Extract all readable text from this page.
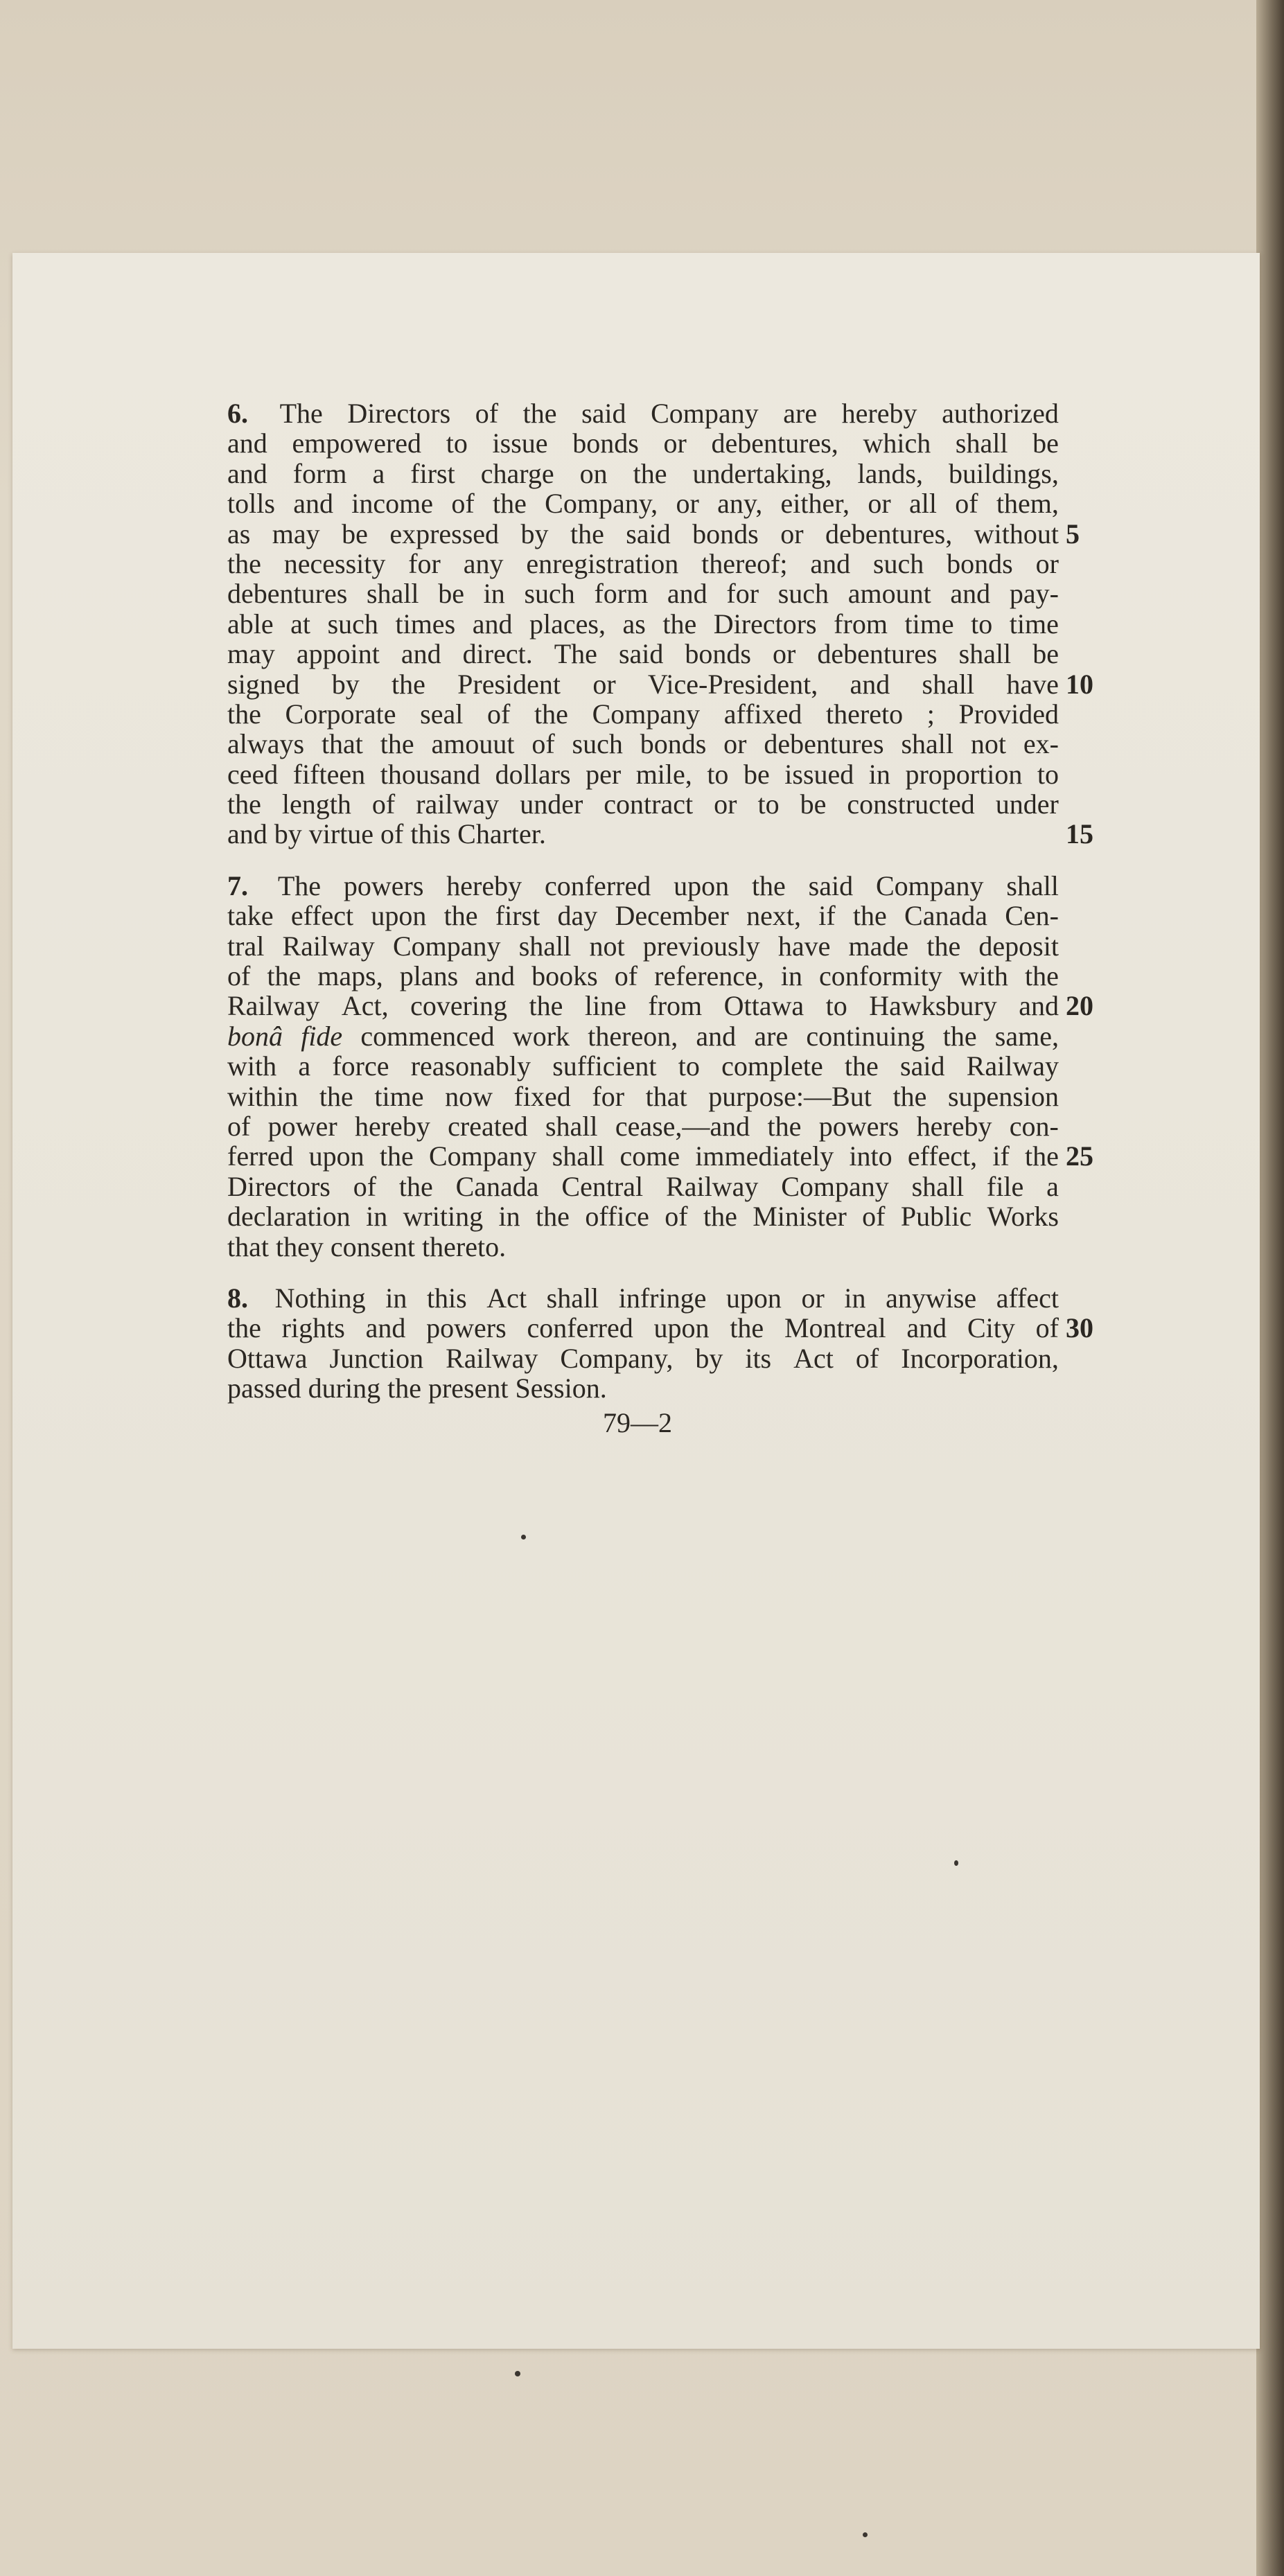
6. The Directors of the said Company are hereby authorized
and empowered to issue bonds or debentures, which shall be
and form a first charge on the undertaking, lands, buildings,
tolls and income of the Company, or any, either, or all of them,
as may be expressed by the said bonds or debentures, without 5
the necessity for any enregistration thereof; and such bonds or
debentures shall be in such form and for such amount and pay-
able at such times and places, as the Directors from time to time
may appoint and direct. The said bonds or debentures shall be
signed by the President or Vice-President, and shall have 10
the Corporate seal of the Company affixed thereto ; Provided
always that the amouut of such bonds or debentures shall not ex-
ceed fifteen thousand dollars per mile, to be issued in proportion to
the length of railway under contract or to be constructed under
and by virtue of this Charter.	15
7. The powers hereby conferred upon the said Company shall
take effect upon the first day December next, if the Canada Cen-
tral Railway Company shall not previously have made the deposit
of the maps, plans and books of reference, in conformity with the
Railway Act, covering the line from Ottawa to Hawksbury and 20
bonâ fide commenced work thereon, and are continuing the same,
with a force reasonably sufficient to complete the said Railway
within the time now fixed for that purpose:—But the supension
of power hereby created shall cease,—and the powers hereby con-
ferred upon the Company shall come immediately into effect, if the 25
Directors of the Canada Central Railway Company shall file a
declaration in writing in the office of the Minister of Public Works
that they consent thereto.
8. Nothing in this Act shall infringe upon or in anywise affect
the rights and powers conferred upon the Montreal and City of 30
Ottawa Junction Railway Company, by its Act of Incorporation,
passed during the present Session.
79—2
